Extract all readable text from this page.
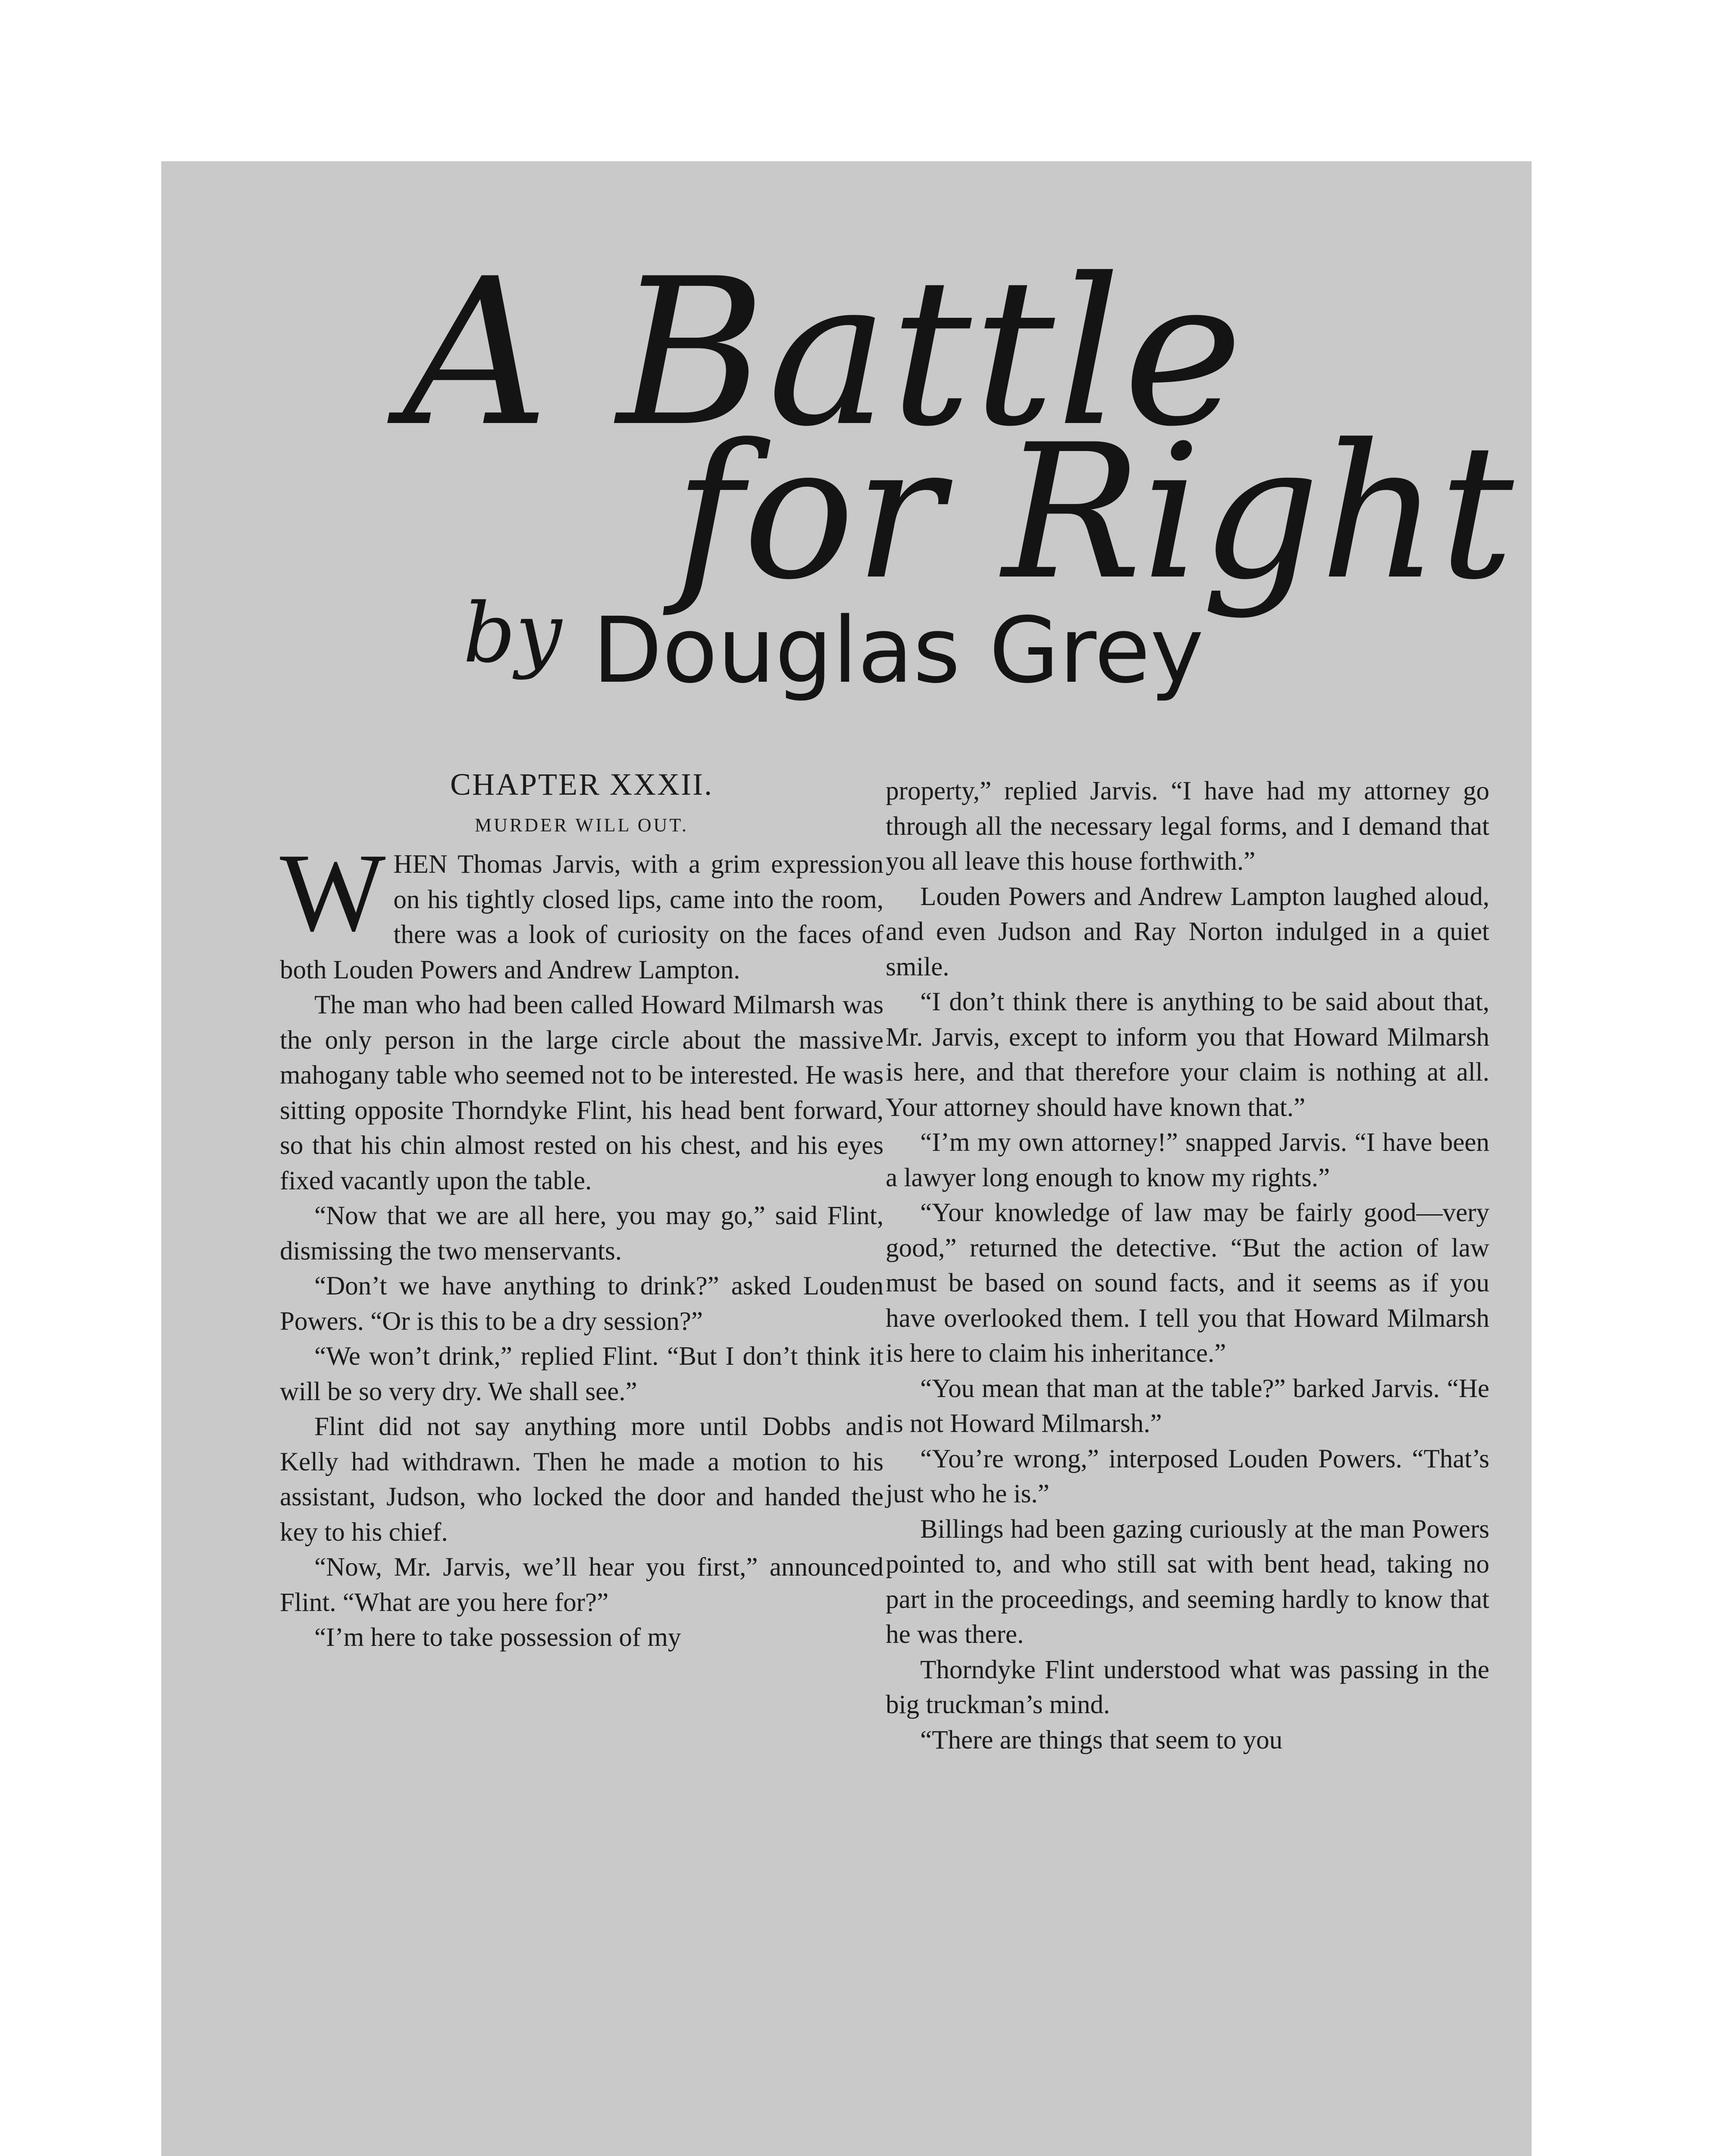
A Battle
for Right
by Douglas Grey

CHAPTER XXXII.

MURDER WILL OUT.

WHEN Thomas Jarvis, with a grim expression on his tightly closed lips, came into the room, there was a look of curiosity on the faces of both Louden Powers and Andrew Lampton.

The man who had been called Howard Milmarsh was the only person in the large circle about the massive mahogany table who seemed not to be interested. He was sitting opposite Thorndyke Flint, his head bent forward, so that his chin almost rested on his chest, and his eyes fixed vacantly upon the table.

“Now that we are all here, you may go,” said Flint, dismissing the two menservants.

“Don’t we have anything to drink?” asked Louden Powers. “Or is this to be a dry session?”

“We won’t drink,” replied Flint. “But I don’t think it will be so very dry. We shall see.”

Flint did not say anything more until Dobbs and Kelly had withdrawn. Then he made a motion to his assistant, Judson, who locked the door and handed the key to his chief.

“Now, Mr. Jarvis, we’ll hear you first,” announced Flint. “What are you here for?”

“I’m here to take possession of my

property,” replied Jarvis. “I have had my attorney go through all the necessary legal forms, and I demand that you all leave this house forthwith.”

Louden Powers and Andrew Lampton laughed aloud, and even Judson and Ray Norton indulged in a quiet smile.

“I don’t think there is anything to be said about that, Mr. Jarvis, except to inform you that Howard Milmarsh is here, and that therefore your claim is nothing at all. Your attorney should have known that.”

“I’m my own attorney!” snapped Jarvis. “I have been a lawyer long enough to know my rights.”

“Your knowledge of law may be fairly good—very good,” returned the detective. “But the action of law must be based on sound facts, and it seems as if you have overlooked them. I tell you that Howard Milmarsh is here to claim his inheritance.”

“You mean that man at the table?” barked Jarvis. “He is not Howard Milmarsh.”

“You’re wrong,” interposed Louden Powers. “That’s just who he is.”

Billings had been gazing curiously at the man Powers pointed to, and who still sat with bent head, taking no part in the proceedings, and seeming hardly to know that he was there.

Thorndyke Flint understood what was passing in the big truckman’s mind.

“There are things that seem to you
